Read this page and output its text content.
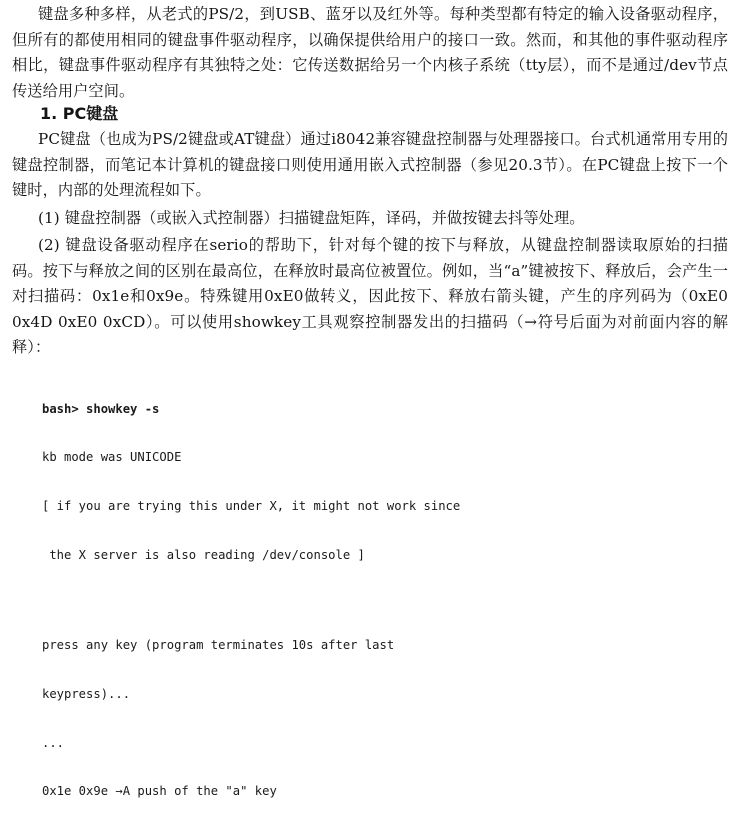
键盘多种多样，从老式的PS/2，到USB、蓝牙以及红外等。每种类型都有特定的输入设备驱动程序，但所有的都使用相同的键盘事件驱动程序，以确保提供给用户的接口一致。然而，和其他的事件驱动程序相比，键盘事件驱动程序有其独特之处：它传送数据给另一个内核子系统（tty层），而不是通过/dev节点传送给用户空间。

1. PC键盘

PC键盘（也成为PS/2键盘或AT键盘）通过i8042兼容键盘控制器与处理器接口。台式机通常用专用的键盘控制器，而笔记本计算机的键盘接口则使用通用嵌入式控制器（参见20.3节）。在PC键盘上按下一个键时，内部的处理流程如下。

(1) 键盘控制器（或嵌入式控制器）扫描键盘矩阵，译码，并做按键去抖等处理。

(2) 键盘设备驱动程序在serio的帮助下，针对每个键的按下与释放，从键盘控制器读取原始的扫描码。按下与释放之间的区别在最高位，在释放时最高位被置位。例如，当“a”键被按下、释放后，会产生一对扫描码：0x1e和0x9e。特殊键用0xE0做转义，因此按下、释放右箭头键，产生的序列码为（0xE0 0x4D 0xE0 0xCD）。可以使用showkey工具观察控制器发出的扫描码（→符号后面为对前面内容的解释）：

bash> showkey -s

kb mode was UNICODE

[ if you are trying this under X, it might not work since

the X server is also reading /dev/console ]

press any key (program terminates 10s after last

keypress)...

...

0x1e 0x9e →A push of the "a" key
